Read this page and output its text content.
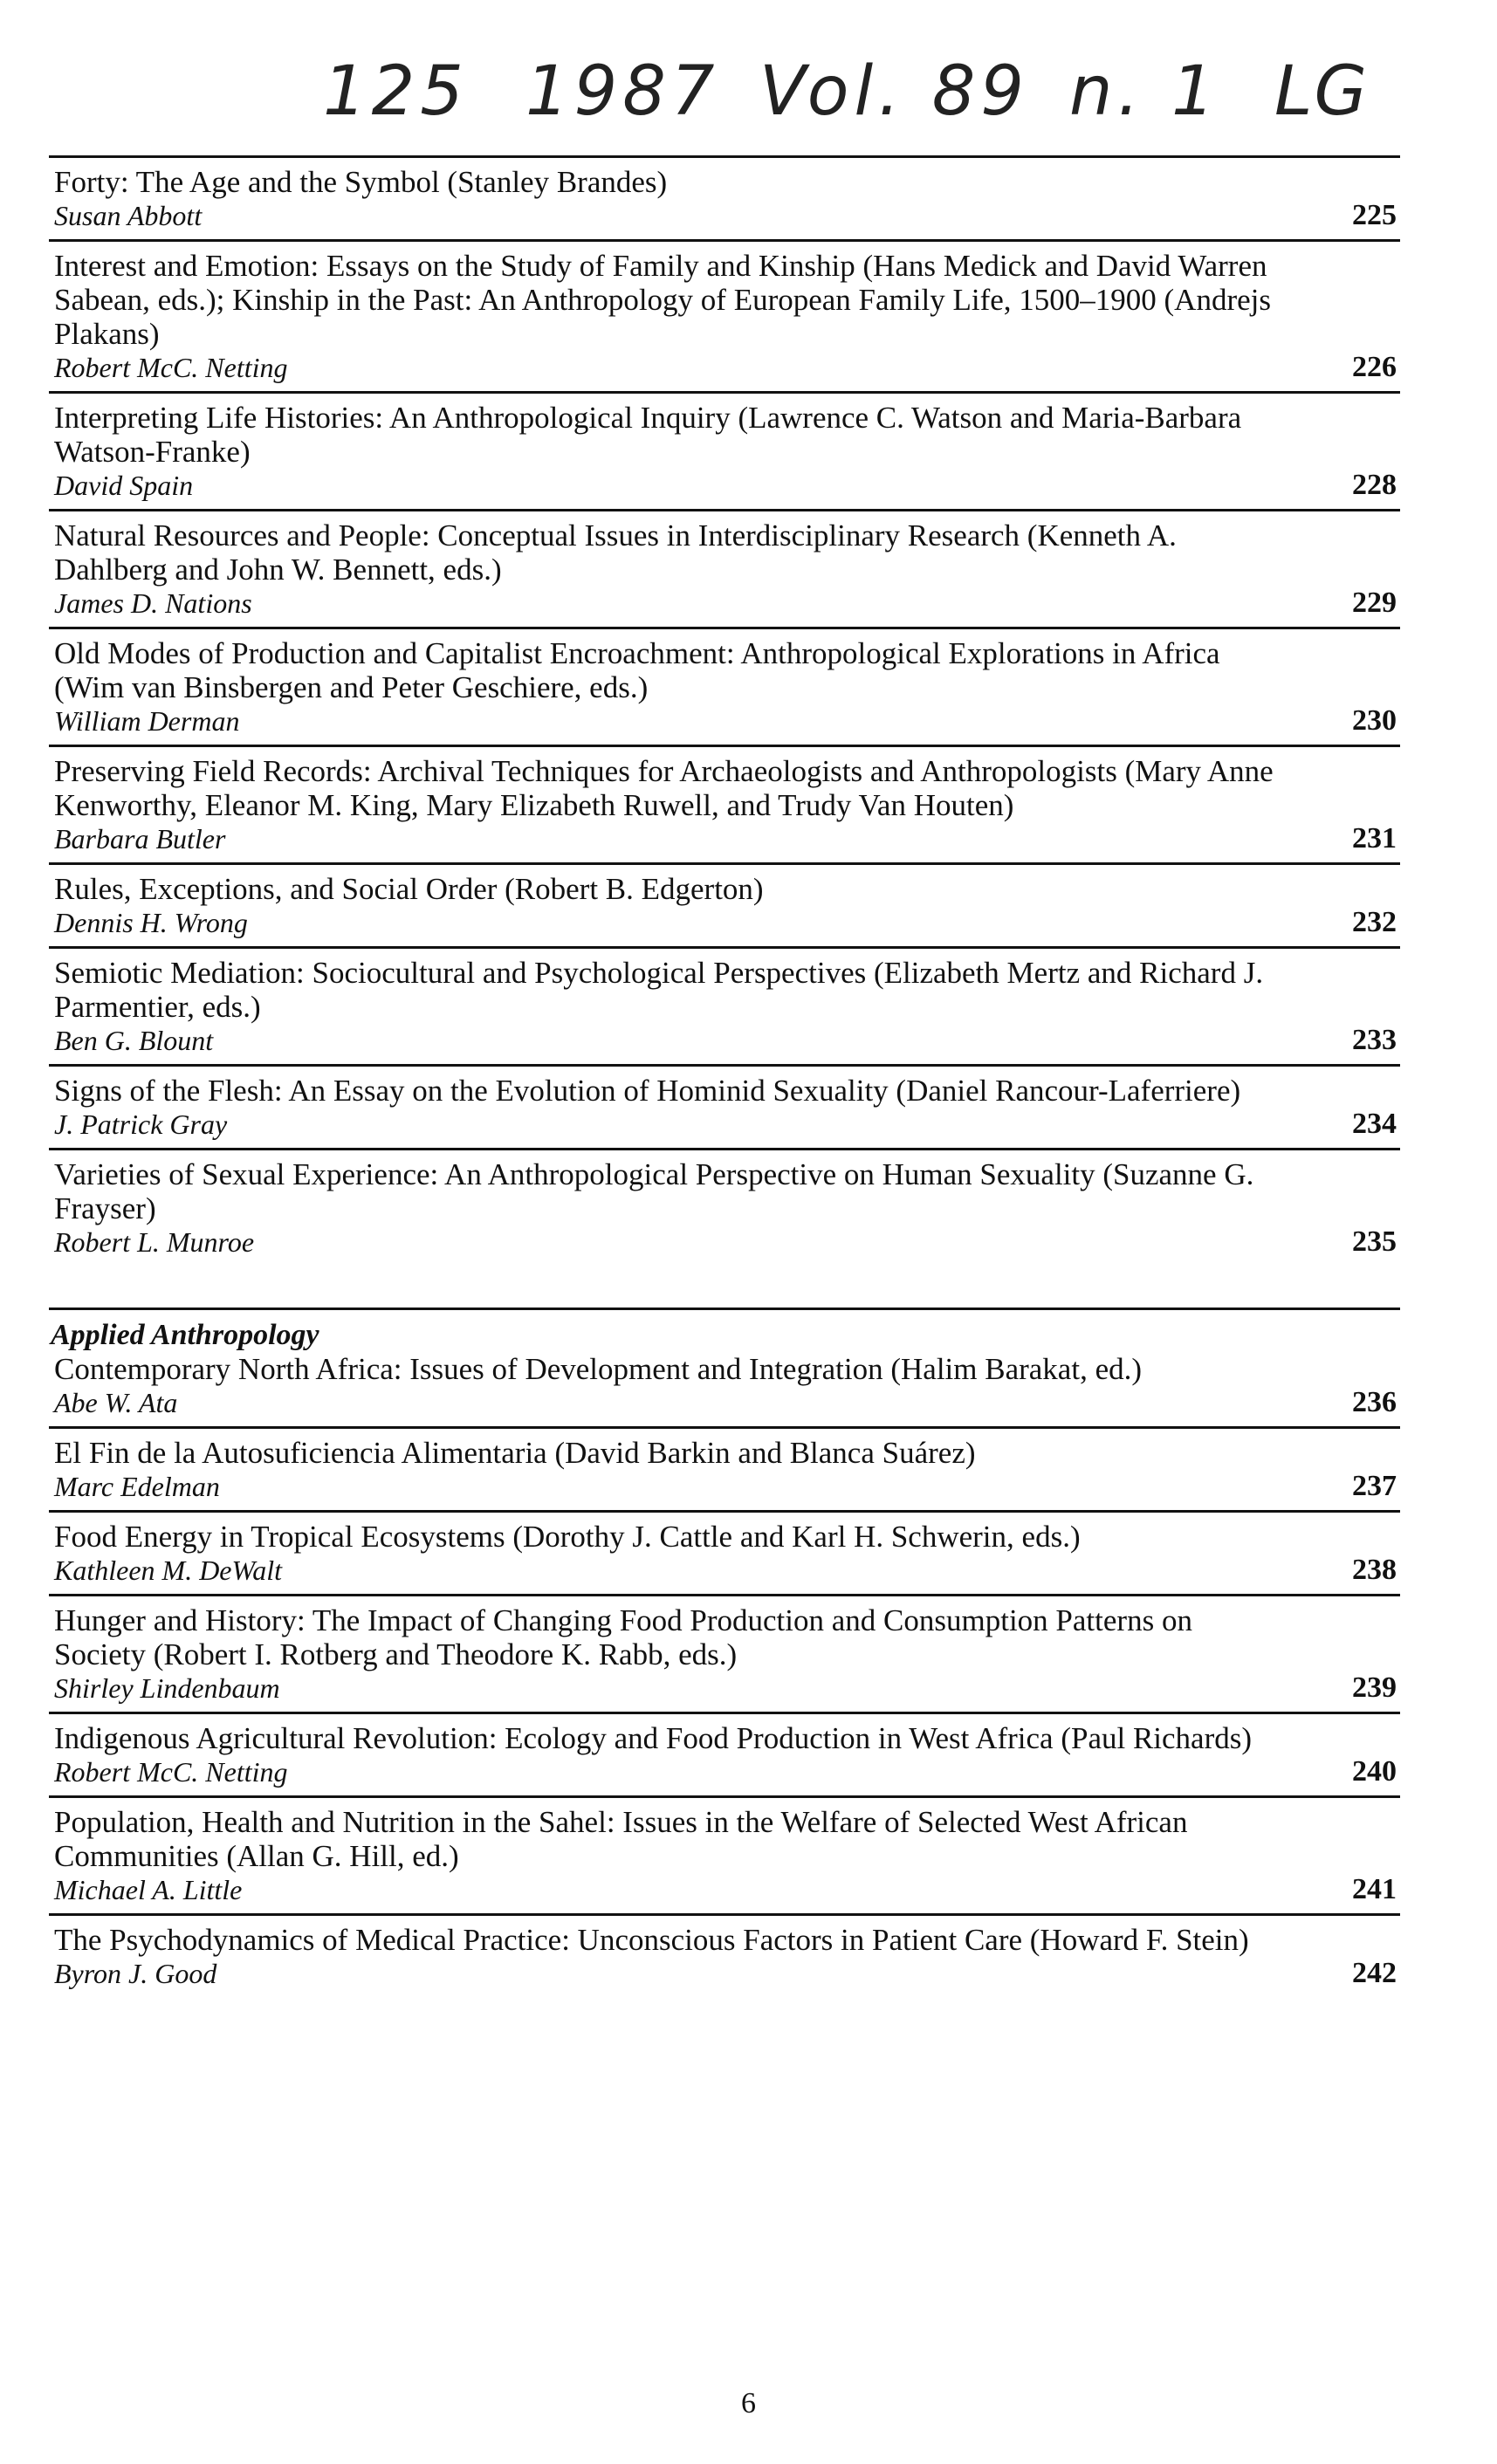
125 1987 Vol. 89 n. 1 LG
Forty: The Age and the Symbol (Stanley Brandes)
Susan Abbott	225
Interest and Emotion: Essays on the Study of Family and Kinship (Hans Medick and David Warren Sabean, eds.); Kinship in the Past: An Anthropology of European Family Life, 1500–1900 (Andrejs Plakans)
Robert McC. Netting	226
Interpreting Life Histories: An Anthropological Inquiry (Lawrence C. Watson and Maria-Barbara Watson-Franke)
David Spain	228
Natural Resources and People: Conceptual Issues in Interdisciplinary Research (Kenneth A. Dahlberg and John W. Bennett, eds.)
James D. Nations	229
Old Modes of Production and Capitalist Encroachment: Anthropological Explorations in Africa (Wim van Binsbergen and Peter Geschiere, eds.)
William Derman	230
Preserving Field Records: Archival Techniques for Archaeologists and Anthropologists (Mary Anne Kenworthy, Eleanor M. King, Mary Elizabeth Ruwell, and Trudy Van Houten)
Barbara Butler	231
Rules, Exceptions, and Social Order (Robert B. Edgerton)
Dennis H. Wrong	232
Semiotic Mediation: Sociocultural and Psychological Perspectives (Elizabeth Mertz and Richard J. Parmentier, eds.)
Ben G. Blount	233
Signs of the Flesh: An Essay on the Evolution of Hominid Sexuality (Daniel Rancour-Laferriere)
J. Patrick Gray	234
Varieties of Sexual Experience: An Anthropological Perspective on Human Sexuality (Suzanne G. Frayser)
Robert L. Munroe	235
Applied Anthropology
Contemporary North Africa: Issues of Development and Integration (Halim Barakat, ed.)
Abe W. Ata	236
El Fin de la Autosuficiencia Alimentaria (David Barkin and Blanca Suárez)
Marc Edelman	237
Food Energy in Tropical Ecosystems (Dorothy J. Cattle and Karl H. Schwerin, eds.)
Kathleen M. DeWalt	238
Hunger and History: The Impact of Changing Food Production and Consumption Patterns on Society (Robert I. Rotberg and Theodore K. Rabb, eds.)
Shirley Lindenbaum	239
Indigenous Agricultural Revolution: Ecology and Food Production in West Africa (Paul Richards)
Robert McC. Netting	240
Population, Health and Nutrition in the Sahel: Issues in the Welfare of Selected West African Communities (Allan G. Hill, ed.)
Michael A. Little	241
The Psychodynamics of Medical Practice: Unconscious Factors in Patient Care (Howard F. Stein)
Byron J. Good	242
6
